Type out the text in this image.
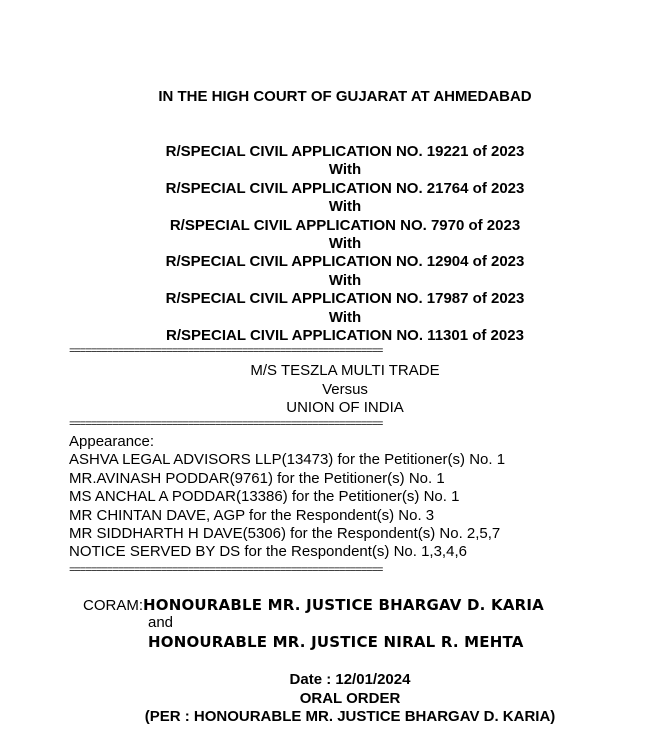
IN THE HIGH COURT OF GUJARAT AT AHMEDABAD
R/SPECIAL CIVIL APPLICATION NO. 19221 of 2023
With
R/SPECIAL CIVIL APPLICATION NO. 21764 of 2023
With
R/SPECIAL CIVIL APPLICATION NO. 7970 of 2023
With
R/SPECIAL CIVIL APPLICATION NO. 12904 of 2023
With
R/SPECIAL CIVIL APPLICATION NO. 17987 of 2023
With
R/SPECIAL CIVIL APPLICATION NO. 11301 of 2023
==========================================================
M/S TESZLA MULTI TRADE
Versus
UNION OF INDIA
==========================================================
Appearance:
ASHVA LEGAL ADVISORS LLP(13473) for the Petitioner(s) No. 1
MR.AVINASH PODDAR(9761) for the Petitioner(s) No. 1
MS ANCHAL A PODDAR(13386) for the Petitioner(s) No. 1
MR CHINTAN DAVE, AGP for the Respondent(s) No. 3
MR SIDDHARTH H DAVE(5306) for the Respondent(s) No. 2,5,7
NOTICE SERVED BY DS for the Respondent(s) No. 1,3,4,6
==========================================================
CORAM:HONOURABLE MR. JUSTICE BHARGAV D. KARIA
and
HONOURABLE MR. JUSTICE NIRAL R. MEHTA
Date : 12/01/2024
ORAL ORDER
(PER : HONOURABLE MR. JUSTICE BHARGAV D. KARIA)
